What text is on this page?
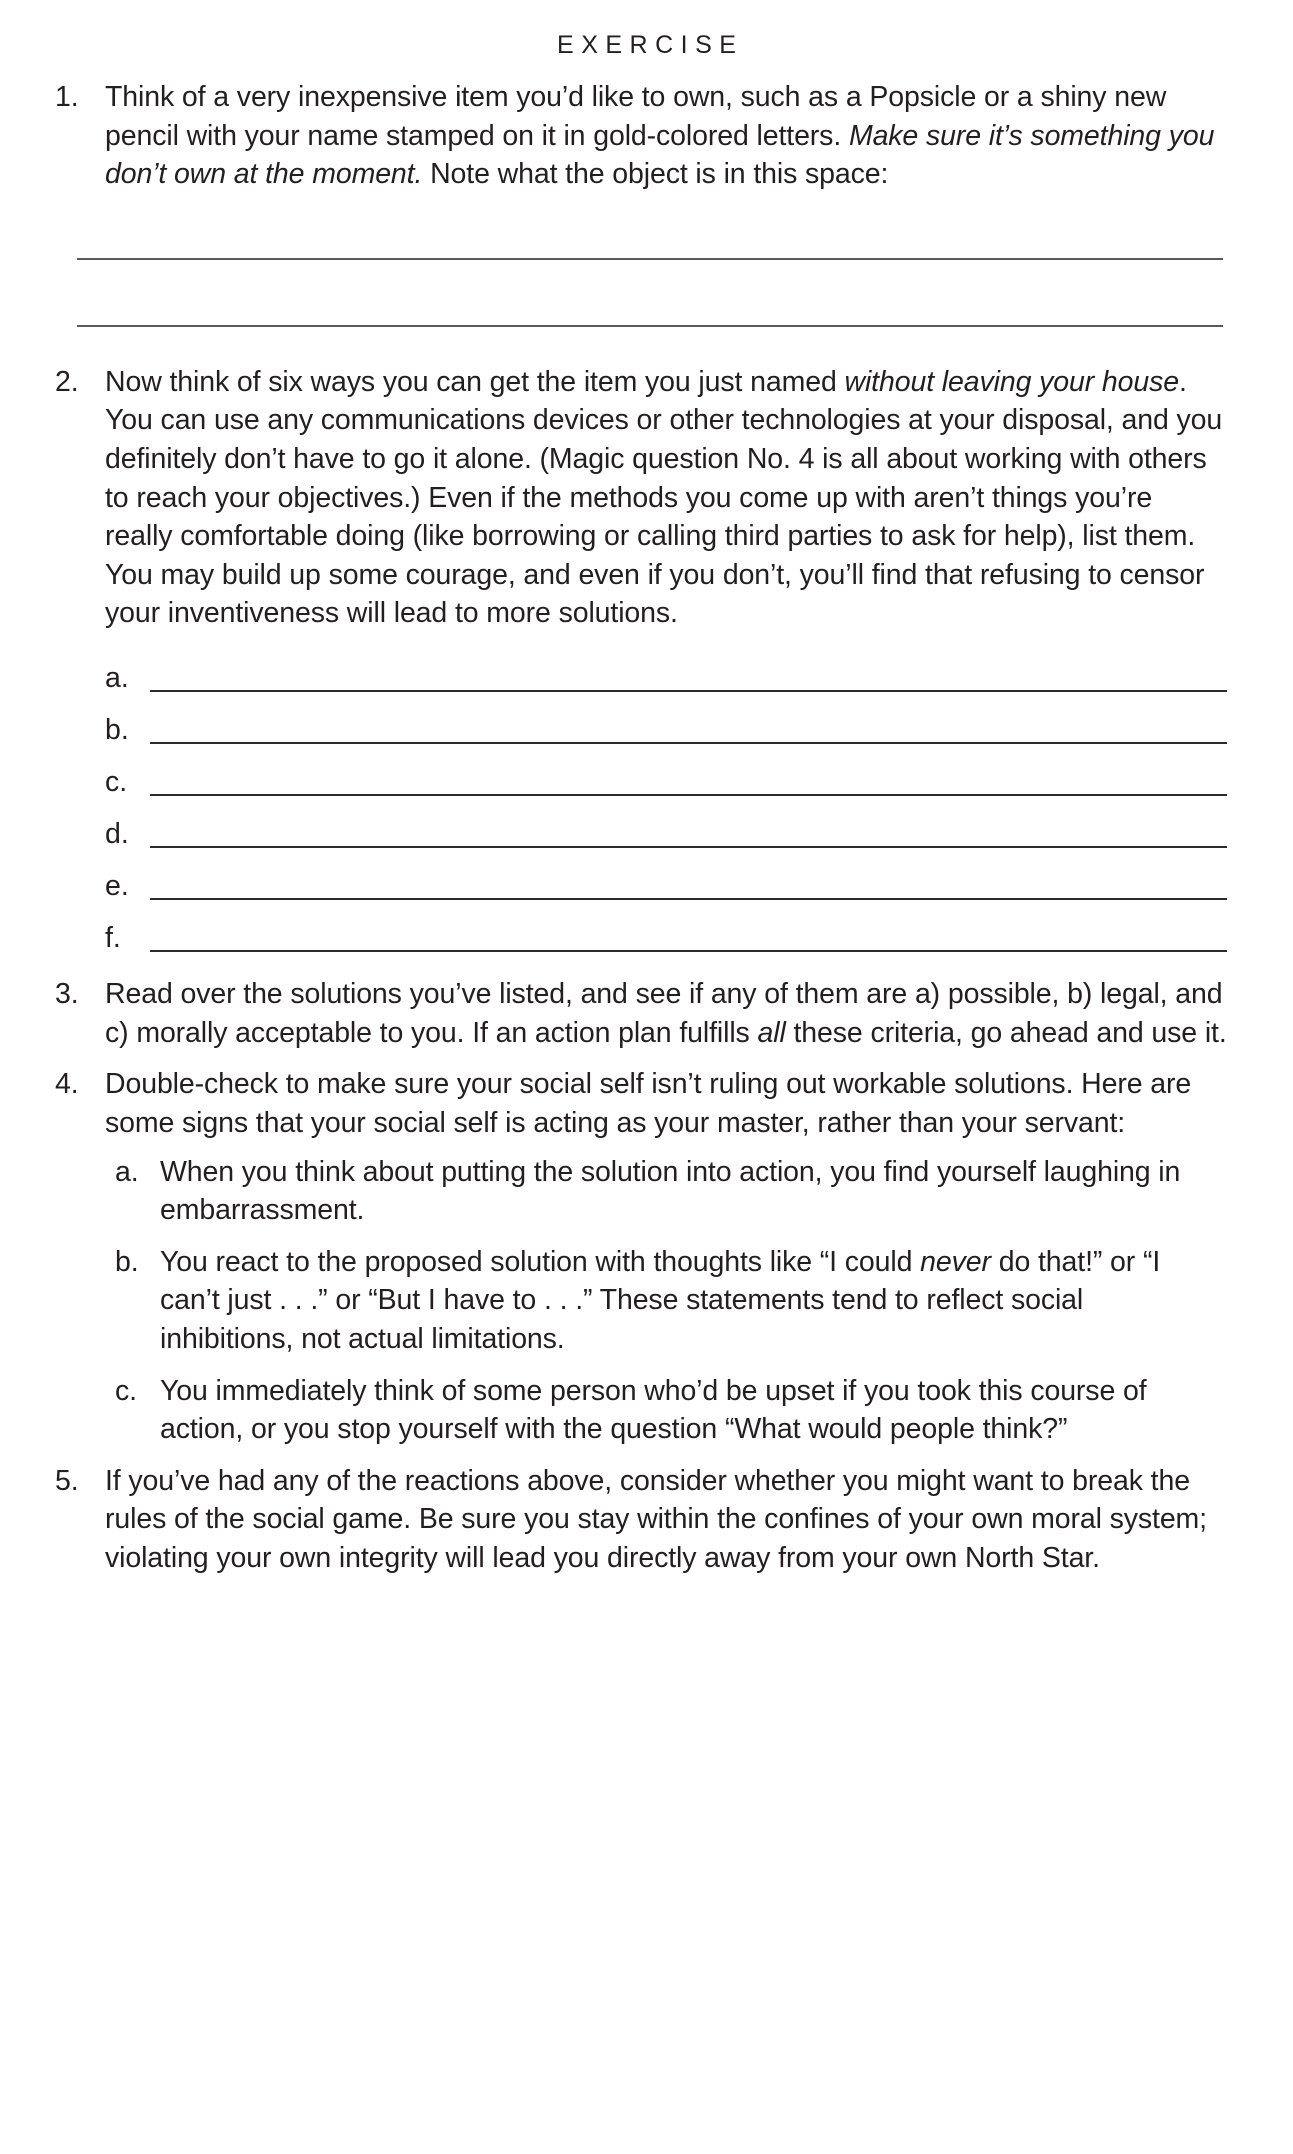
EXERCISE
1. Think of a very inexpensive item you’d like to own, such as a Popsicle or a shiny new pencil with your name stamped on it in gold-colored letters. Make sure it’s something you don’t own at the moment. Note what the object is in this space:
2. Now think of six ways you can get the item you just named without leaving your house. You can use any communications devices or other technologies at your disposal, and you definitely don’t have to go it alone. (Magic question No. 4 is all about working with others to reach your objectives.) Even if the methods you come up with aren’t things you’re really comfortable doing (like borrowing or calling third parties to ask for help), list them. You may build up some courage, and even if you don’t, you’ll find that refusing to censor your inventiveness will lead to more solutions.
a.
b.
c.
d.
e.
f.
3. Read over the solutions you’ve listed, and see if any of them are a) possible, b) legal, and c) morally acceptable to you. If an action plan fulfills all these criteria, go ahead and use it.
4. Double-check to make sure your social self isn’t ruling out workable solutions. Here are some signs that your social self is acting as your master, rather than your servant:
a. When you think about putting the solution into action, you find yourself laughing in embarrassment.
b. You react to the proposed solution with thoughts like “I could never do that!” or “I can’t just . . .” or “But I have to . . .” These statements tend to reflect social inhibitions, not actual limitations.
c. You immediately think of some person who’d be upset if you took this course of action, or you stop yourself with the question “What would people think?”
5. If you’ve had any of the reactions above, consider whether you might want to break the rules of the social game. Be sure you stay within the confines of your own moral system; violating your own integrity will lead you directly away from your own North Star.
